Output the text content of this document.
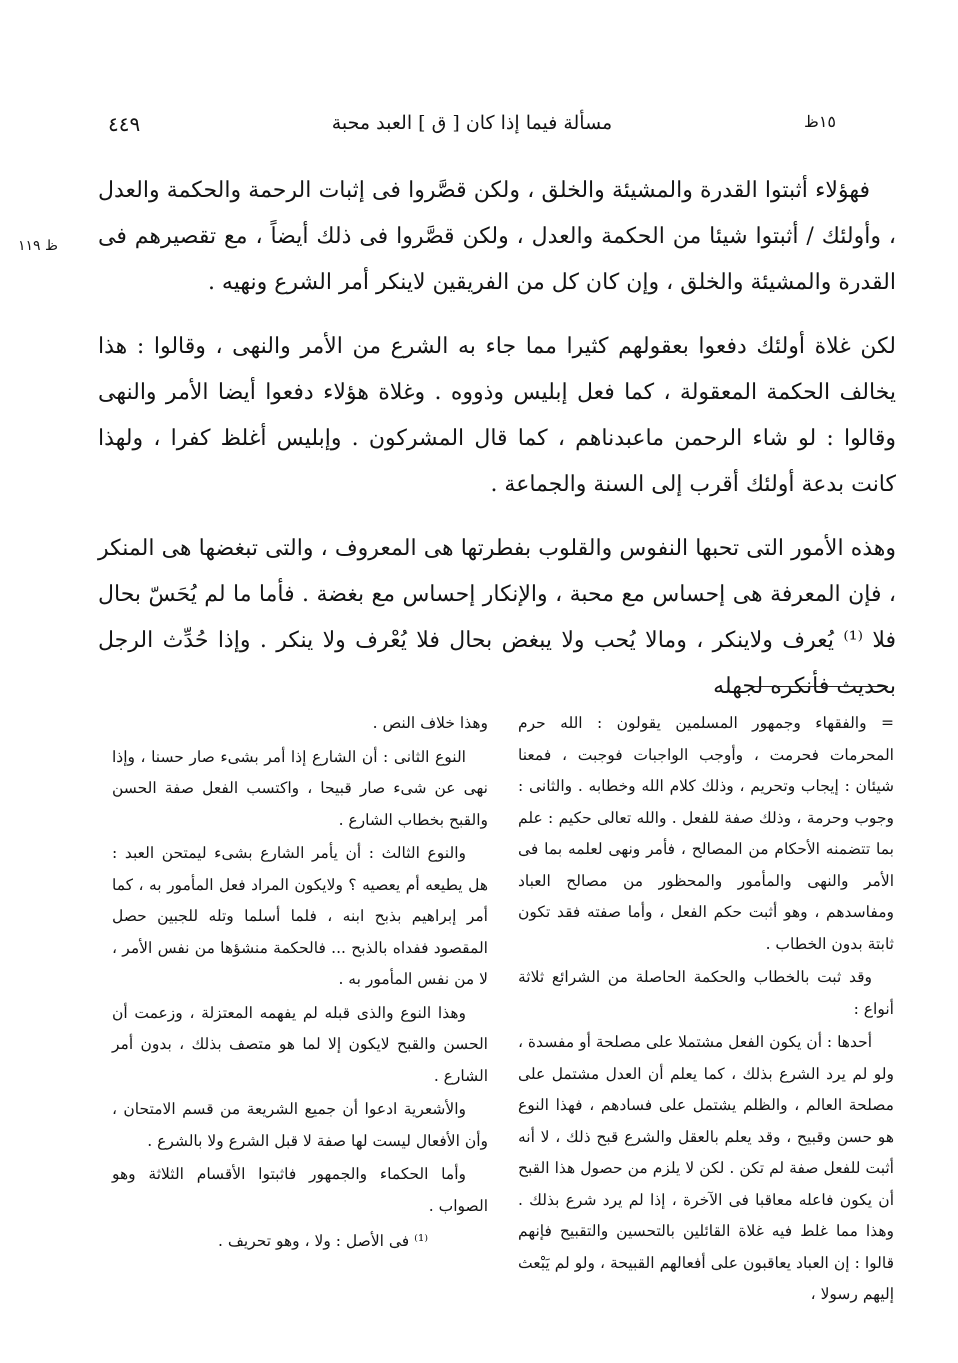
١٥ظ
مسألة فيما إذا كان [ ق ] العبد محبة
٤٤٩
ظ ١١٩

فهؤلاء أثبتوا القدرة والمشيئة والخلق ، ولكن قصَّروا فى إثبات الرحمة والحكمة والعدل ، وأولئك / أثبتوا شيئا من الحكمة والعدل ، ولكن قصَّروا فى ذلك أيضاً ، مع تقصيرهم فى القدرة والمشيئة والخلق ، وإن كان كل من الفريقين لاينكر أمر الشرع ونهيه .

لكن غلاة أولئك دفعوا بعقولهم كثيرا مما جاء به الشرع من الأمر والنهى ، وقالوا : هذا يخالف الحكمة المعقولة ، كما فعل إبليس وذووه . وغلاة هؤلاء دفعوا أيضا الأمر والنهى وقالوا : لو شاء الرحمن ماعبدناهم ، كما قال المشركون . وإبليس أغلظ كفرا ، ولهذا كانت بدعة أولئك أقرب إلى السنة والجماعة .

وهذه الأمور التى تحبها النفوس والقلوب بفطرتها هى المعروف ، والتى تبغضها هى المنكر ، فإن المعرفة هى إحساس مع محبة ، والإنكار إحساس مع بغضة . فأما ما لم يُحَسّ بحال فلا ⁽¹⁾ يُعرف ولاينكر ، ومالا يُحب ولا يبغض بحال فلا يُعْرف ولا ينكر . وإذا حُدِّث الرجل بحديث فأنكره لجهله

= والفقهاء وجمهور المسلمين يقولون : الله حرم المحرمات فحرمت ، وأوجب الواجبات فوجبت ، فمعنا شيئان : إيجاب وتحريم ، وذلك كلام الله وخطابه . والثانى : وجوب وحرمة ، وذلك صفة للفعل . والله تعالى حكيم : علم بما تتضمنه الأحكام من المصالح ، فأمر ونهى لعلمه بما فى الأمر والنهى والمأمور والمحظور من مصالح العباد ومفاسدهم ، وهو أثبت حكم الفعل ، وأما صفته فقد تكون ثابتة بدون الخطاب .

وقد ثبت بالخطاب والحكمة الحاصلة من الشرائع ثلاثة أنواع :

أحدها : أن يكون الفعل مشتملا على مصلحة أو مفسدة ، ولو لم يرد الشرع بذلك ، كما يعلم أن العدل مشتمل على مصلحة العالم ، والظلم يشتمل على فسادهم ، فهذا النوع هو حسن وقبيح ، وقد يعلم بالعقل والشرع قبح ذلك ، لا أنه أثبت للفعل صفة لم تكن . لكن لا يلزم من حصول هذا القبح أن يكون فاعله معاقبا فى الآخرة ، إذا لم يرد شرع بذلك . وهذا مما غلط فيه غلاة القائلين بالتحسين والتقبيح فإنهم قالوا : إن العباد يعاقبون على أفعالهم القبيحة ، ولو لم يَبْعث إليهم رسولا ،

وهذا خلاف النص .

النوع الثانى : أن الشارع إذا أمر بشىء صار حسنا ، وإذا نهى عن شىء صار قبيحا ، واكتسب الفعل صفة الحسن والقبح بخطاب الشارع .

والنوع الثالث : أن يأمر الشارع بشىء ليمتحن العبد : هل يطيعه أم يعصيه ؟ ولايكون المراد فعل المأمور به ، كما أمر إبراهيم بذبح ابنه ، فلما أسلما وتله للجبين حصل المقصود ففداه بالذبح ... فالحكمة منشؤها من نفس الأمر ، لا من نفس المأمور به .

وهذا النوع والذى قبله لم يفهمه المعتزلة ، وزعمت أن الحسن والقبح لايكون إلا لما هو متصف بذلك ، بدون أمر الشارع .

والأشعرية ادعوا أن جميع الشريعة من قسم الامتحان ، وأن الأفعال ليست لها صفة لا قبل الشرع ولا بالشرع .

وأما الحكماء والجمهور فاثبتوا الأقسام الثلاثة وهو الصواب .

⁽¹⁾ فى الأصل : ولا ، وهو تحريف .
